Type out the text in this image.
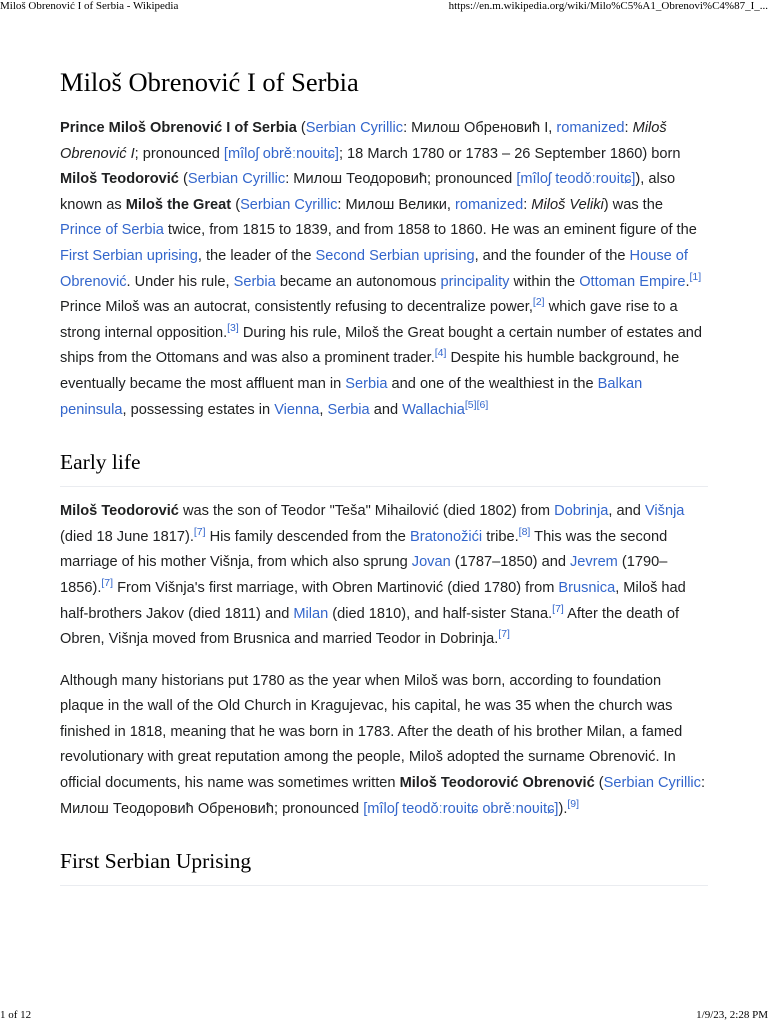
Miloš Obrenović I of Serbia - Wikipedia	https://en.m.wikipedia.org/wiki/Milo%C5%A1_Obrenovi%C4%87_I_...
Miloš Obrenović I of Serbia

Prince Miloš Obrenović I of Serbia (Serbian Cyrillic: Милош Обреновић I, romanized: Miloš Obrenović I; pronounced [mîloʃ obrěːnoʋitɕ]; 18 March 1780 or 1783 – 26 September 1860) born Miloš Teodorović (Serbian Cyrillic: Милош Теодоровић; pronounced [mîloʃ teodǒːroʋitɕ]), also known as Miloš the Great (Serbian Cyrillic: Милош Велики, romanized: Miloš Veliki) was the Prince of Serbia twice, from 1815 to 1839, and from 1858 to 1860. He was an eminent figure of the First Serbian uprising, the leader of the Second Serbian uprising, and the founder of the House of Obrenović. Under his rule, Serbia became an autonomous principality within the Ottoman Empire.[1] Prince Miloš was an autocrat, consistently refusing to decentralize power,[2] which gave rise to a strong internal opposition.[3] During his rule, Miloš the Great bought a certain number of estates and ships from the Ottomans and was also a prominent trader.[4] Despite his humble background, he eventually became the most affluent man in Serbia and one of the wealthiest in the Balkan peninsula, possessing estates in Vienna, Serbia and Wallachia[5][6]

Early life

Miloš Teodorović was the son of Teodor "Teša" Mihailović (died 1802) from Dobrinja, and Višnja (died 18 June 1817).[7] His family descended from the Bratonožići tribe.[8] This was the second marriage of his mother Višnja, from which also sprung Jovan (1787–1850) and Jevrem (1790–1856).[7] From Višnja's first marriage, with Obren Martinović (died 1780) from Brusnica, Miloš had half-brothers Jakov (died 1811) and Milan (died 1810), and half-sister Stana.[7] After the death of Obren, Višnja moved from Brusnica and married Teodor in Dobrinja.[7]

Although many historians put 1780 as the year when Miloš was born, according to foundation plaque in the wall of the Old Church in Kragujevac, his capital, he was 35 when the church was finished in 1818, meaning that he was born in 1783. After the death of his brother Milan, a famed revolutionary with great reputation among the people, Miloš adopted the surname Obrenović. In official documents, his name was sometimes written Miloš Teodorović Obrenović (Serbian Cyrillic: Милош Теодоровић Обреновић; pronounced [mîloʃ teodǒːroʋitɕ obrěːnoʋitɕ]).[9]

First Serbian Uprising
1 of 12	1/9/23, 2:28 PM
